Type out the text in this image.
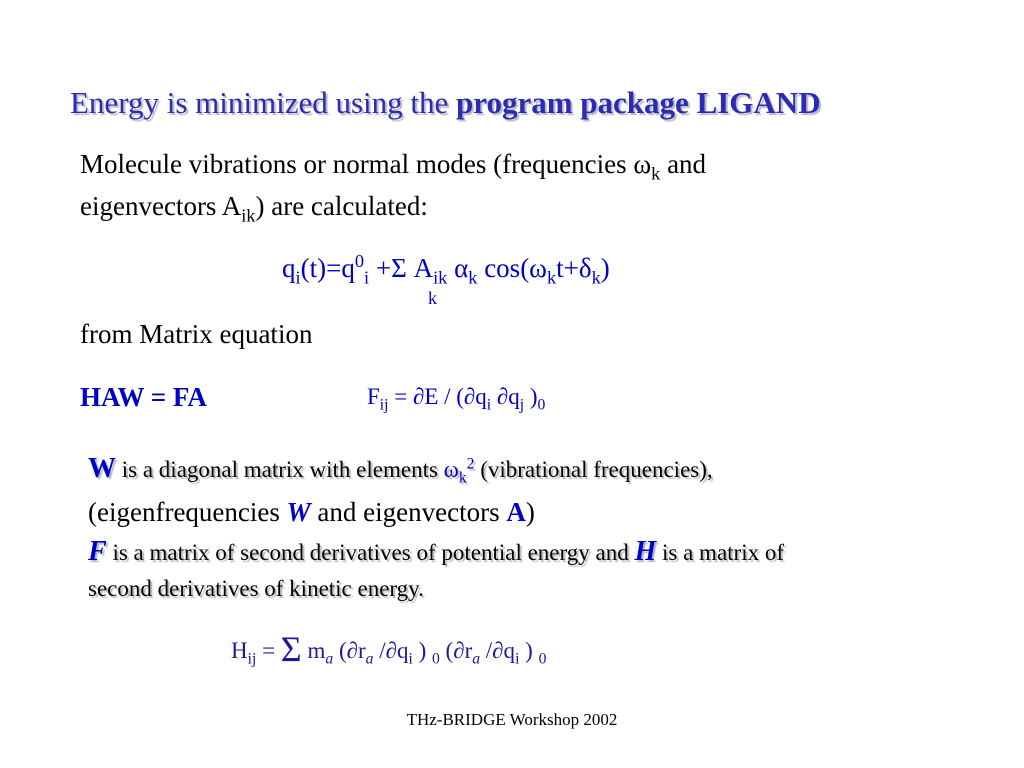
Energy is minimized using the program package LIGAND
Molecule vibrations or normal modes (frequencies $\omega_k$ and
eigenvectors $A_{ik}$) are calculated:
$q_i(t)=q^0_i +\Sigma$ $A_{ik}$ $\alpha_k$ $\cos(\omega_kt+\delta_k)$
k
from Matrix equation
HAW = FA	$F_{ij} = \partial E / (\partial q_i$ $\partial q_j$ )$_0$
W is a diagonal matrix with elements $\omega_k^2$ (vibrational frequencies),
(eigenfrequencies W and eigenvectors A)
F is a matrix of second derivatives of potential energy and H is a matrix of
second derivatives of kinetic energy.
$H_{ij} = \Sigma$ $m_a$ ($\partial r_a$ $/\partial q_i$ ) $_0$ ($\partial r_a$ $/\partial q_i$ ) $_0$
THz-BRIDGE Workshop 2002
